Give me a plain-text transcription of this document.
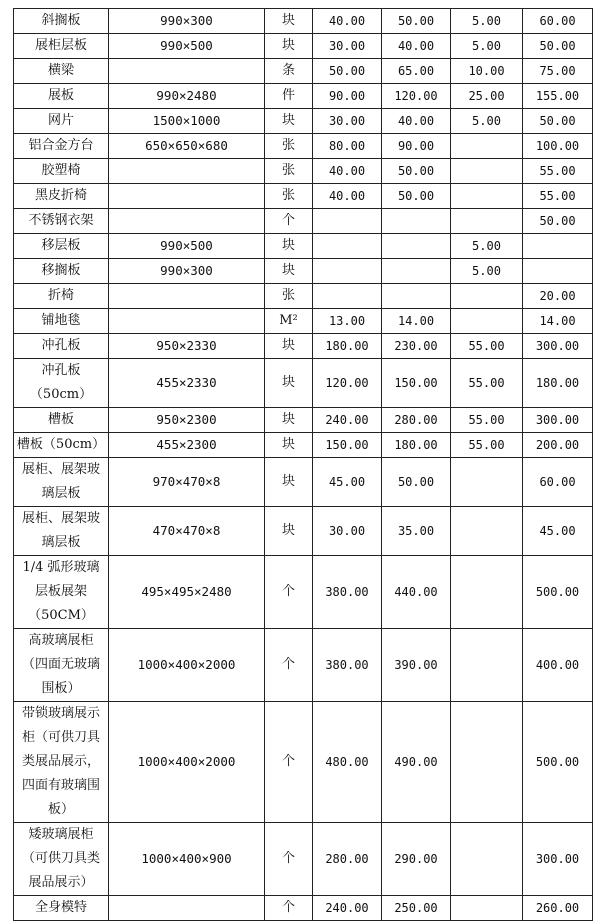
斜搁板	990×300	块	40.00	50.00	5.00	60.00
展柜层板	990×500	块	30.00	40.00	5.00	50.00
横梁		条	50.00	65.00	10.00	75.00
展板	990×2480	件	90.00	120.00	25.00	155.00
网片	1500×1000	块	30.00	40.00	5.00	50.00
铝合金方台	650×650×680	张	80.00	90.00		100.00
胶塑椅		张	40.00	50.00		55.00
黑皮折椅		张	40.00	50.00		55.00
不锈钢衣架		个				50.00
移层板	990×500	块			5.00	
移搁板	990×300	块			5.00	
折椅		张				20.00
铺地毯		M²	13.00	14.00		14.00
冲孔板	950×2330	块	180.00	230.00	55.00	300.00
冲孔板（50cm）	455×2330	块	120.00	150.00	55.00	180.00
槽板	950×2300	块	240.00	280.00	55.00	300.00
槽板（50cm）	455×2300	块	150.00	180.00	55.00	200.00
展柜、展架玻璃层板	970×470×8	块	45.00	50.00		60.00
展柜、展架玻璃层板	470×470×8	块	30.00	35.00		45.00
1/4 弧形玻璃层板展架（50CM）	495×495×2480	个	380.00	440.00		500.00
高玻璃展柜（四面无玻璃围板）	1000×400×2000	个	380.00	390.00		400.00
带锁玻璃展示柜（可供刀具类展品展示，四面有玻璃围板）	1000×400×2000	个	480.00	490.00		500.00
矮玻璃展柜（可供刀具类展品展示）	1000×400×900	个	280.00	290.00		300.00
全身模特		个	240.00	250.00		260.00
